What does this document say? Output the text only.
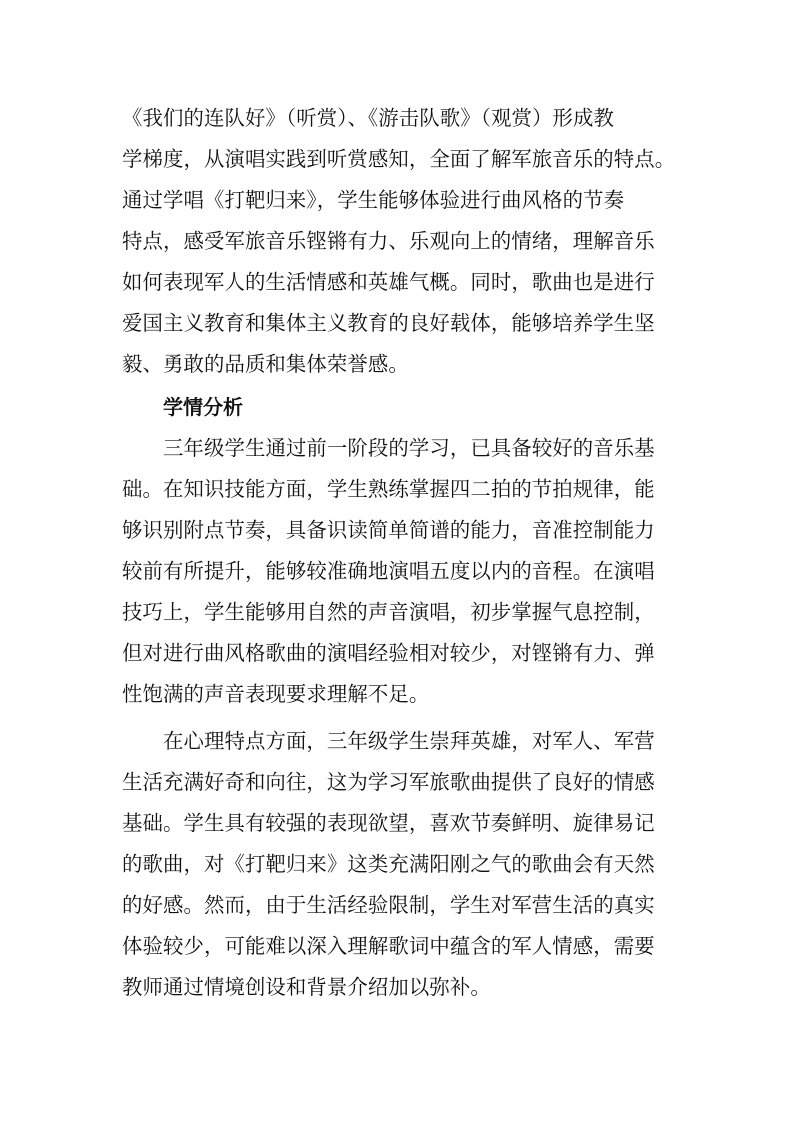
《我们的连队好》（听赏）、《游击队歌》（观赏）形成教
学梯度，从演唱实践到听赏感知，全面了解军旅音乐的特点。
通过学唱《打靶归来》，学生能够体验进行曲风格的节奏
特点，感受军旅音乐铿锵有力、乐观向上的情绪，理解音乐
如何表现军人的生活情感和英雄气概。同时，歌曲也是进行
爱国主义教育和集体主义教育的良好载体，能够培养学生坚
毅、勇敢的品质和集体荣誉感。
学情分析
三年级学生通过前一阶段的学习，已具备较好的音乐基
础。在知识技能方面，学生熟练掌握四二拍的节拍规律，能
够识别附点节奏，具备识读简单简谱的能力，音准控制能力
较前有所提升，能够较准确地演唱五度以内的音程。在演唱
技巧上，学生能够用自然的声音演唱，初步掌握气息控制，
但对进行曲风格歌曲的演唱经验相对较少，对铿锵有力、弹
性饱满的声音表现要求理解不足。
在心理特点方面，三年级学生崇拜英雄，对军人、军营
生活充满好奇和向往，这为学习军旅歌曲提供了良好的情感
基础。学生具有较强的表现欲望，喜欢节奏鲜明、旋律易记
的歌曲，对《打靶归来》这类充满阳刚之气的歌曲会有天然
的好感。然而，由于生活经验限制，学生对军营生活的真实
体验较少，可能难以深入理解歌词中蕴含的军人情感，需要
教师通过情境创设和背景介绍加以弥补。
